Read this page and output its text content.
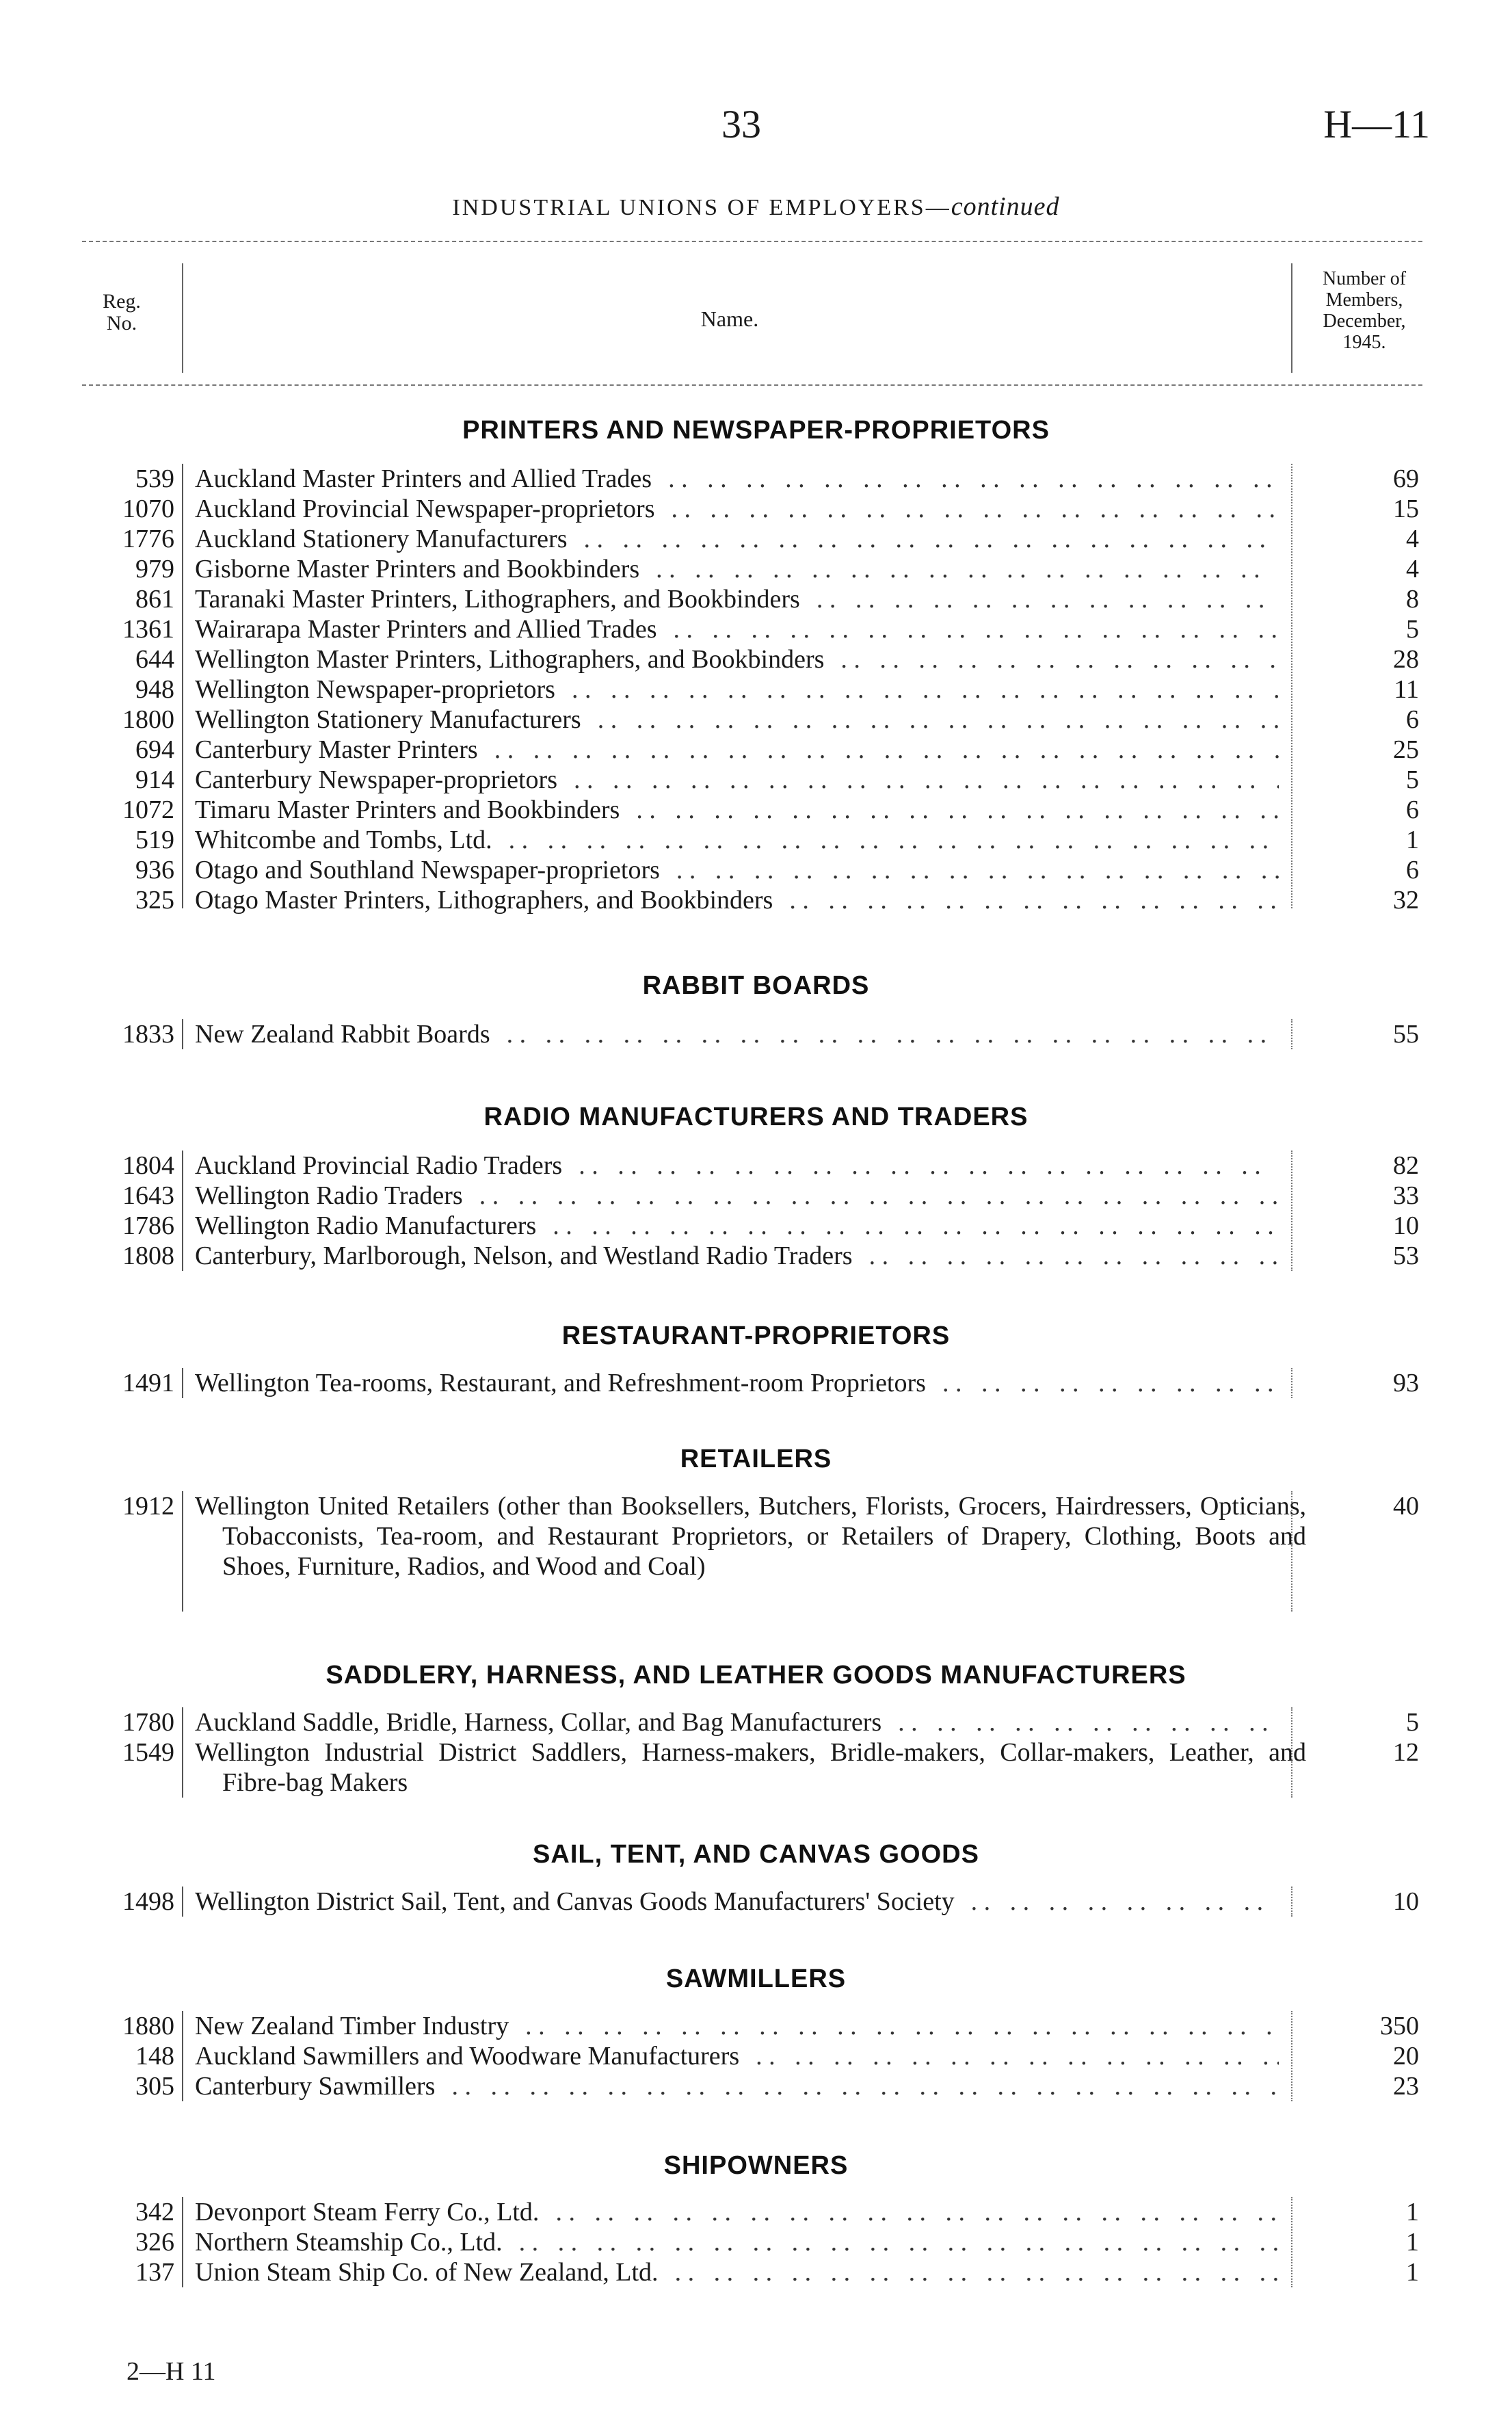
33	H—11
INDUSTRIAL UNIONS OF EMPLOYERS—continued
Reg.
No.	Name.
Number of
Members,
December,
1945.
PRINTERS AND NEWSPAPER-PROPRIETORS
539 Auckland Master Printers and Allied Trades . .	69
1070 Auckland Provincial Newspaper-proprietors . .	15
1776 Auckland Stationery Manufacturers . .	4
979 Gisborne Master Printers and Bookbinders . .	4
861 Taranaki Master Printers, Lithographers, and Bookbinders . .	8
1361 Wairarapa Master Printers and Allied Trades . .	5
644 Wellington Master Printers, Lithographers, and Bookbinders . .	28
948 Wellington Newspaper-proprietors . .	11
1800 Wellington Stationery Manufacturers . .	6
694 Canterbury Master Printers . .	25
914 Canterbury Newspaper-proprietors . .	5
1072 Timaru Master Printers and Bookbinders . .	6
519 Whitcombe and Tombs, Ltd. . .	1
936 Otago and Southland Newspaper-proprietors . .	6
325 Otago Master Printers, Lithographers, and Bookbinders . .	32
RABBIT BOARDS
1833 New Zealand Rabbit Boards . .	55
RADIO MANUFACTURERS AND TRADERS
1804 Auckland Provincial Radio Traders . .	82
1643 Wellington Radio Traders . .	33
1786 Wellington Radio Manufacturers . .	10
1808 Canterbury, Marlborough, Nelson, and Westland Radio Traders . .	53
RESTAURANT-PROPRIETORS
1491 Wellington Tea-rooms, Restaurant, and Refreshment-room Proprietors . .	93
RETAILERS
1912 Wellington United Retailers (other than Booksellers, Butchers, Florists, Grocers, Hairdressers, Opticians, Tobacconists, Tea-room, and Restaurant Proprietors, or Retailers of Drapery, Clothing, Boots and Shoes, Furniture, Radios, and Wood and Coal)
40
SADDLERY, HARNESS, AND LEATHER GOODS MANUFACTURERS
1780 Auckland Saddle, Bridle, Harness, Collar, and Bag Manufacturers . .	5
1549 Wellington Industrial District Saddlers, Harness-makers, Bridle-makers, Collar-makers, Leather, and Fibre-bag Makers
12
SAIL, TENT, AND CANVAS GOODS
1498 Wellington District Sail, Tent, and Canvas Goods Manufacturers' Society . .	10
SAWMILLERS
1880 New Zealand Timber Industry . .	350
148 Auckland Sawmillers and Woodware Manufacturers . .	20
305 Canterbury Sawmillers . .	23
SHIPOWNERS
342 Devonport Steam Ferry Co., Ltd. . .	1
326 Northern Steamship Co., Ltd. . .	1
137 Union Steam Ship Co. of New Zealand, Ltd. . .	1
2—H 11
